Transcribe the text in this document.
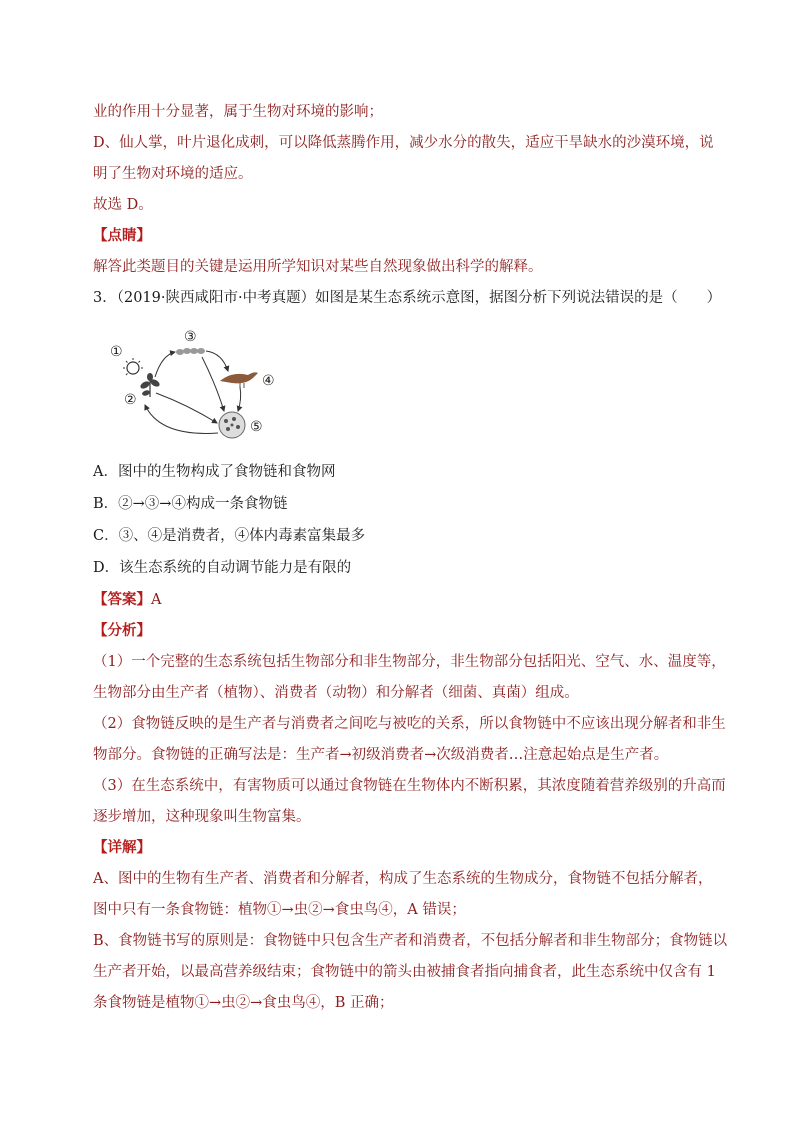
业的作用十分显著，属于生物对环境的影响；
D、仙人掌，叶片退化成刺，可以降低蒸腾作用，减少水分的散失，适应干旱缺水的沙漠环境，说
明了生物对环境的适应。
故选 D。
【点睛】
解答此类题目的关键是运用所学知识对某些自然现象做出科学的解释。
3．（2019·陕西咸阳市·中考真题）如图是某生态系统示意图，据图分析下列说法错误的是（　　）
①
②
③
④
⑤
A．图中的生物构成了食物链和食物网
B．②→③→④构成一条食物链
C．③、④是消费者，④体内毒素富集最多
D．该生态系统的自动调节能力是有限的
【答案】A
【分析】
（1）一个完整的生态系统包括生物部分和非生物部分，非生物部分包括阳光、空气、水、温度等，
生物部分由生产者（植物）、消费者（动物）和分解者（细菌、真菌）组成。
（2）食物链反映的是生产者与消费者之间吃与被吃的关系，所以食物链中不应该出现分解者和非生
物部分。食物链的正确写法是：生产者→初级消费者→次级消费者…注意起始点是生产者。
（3）在生态系统中，有害物质可以通过食物链在生物体内不断积累，其浓度随着营养级别的升高而
逐步增加，这种现象叫生物富集。
【详解】
A、图中的生物有生产者、消费者和分解者，构成了生态系统的生物成分，食物链不包括分解者，
图中只有一条食物链：植物①→虫②→食虫鸟④，A 错误；
B、食物链书写的原则是：食物链中只包含生产者和消费者，不包括分解者和非生物部分；食物链以
生产者开始，以最高营养级结束；食物链中的箭头由被捕食者指向捕食者，此生态系统中仅含有 1
条食物链是植物①→虫②→食虫鸟④，B 正确；
